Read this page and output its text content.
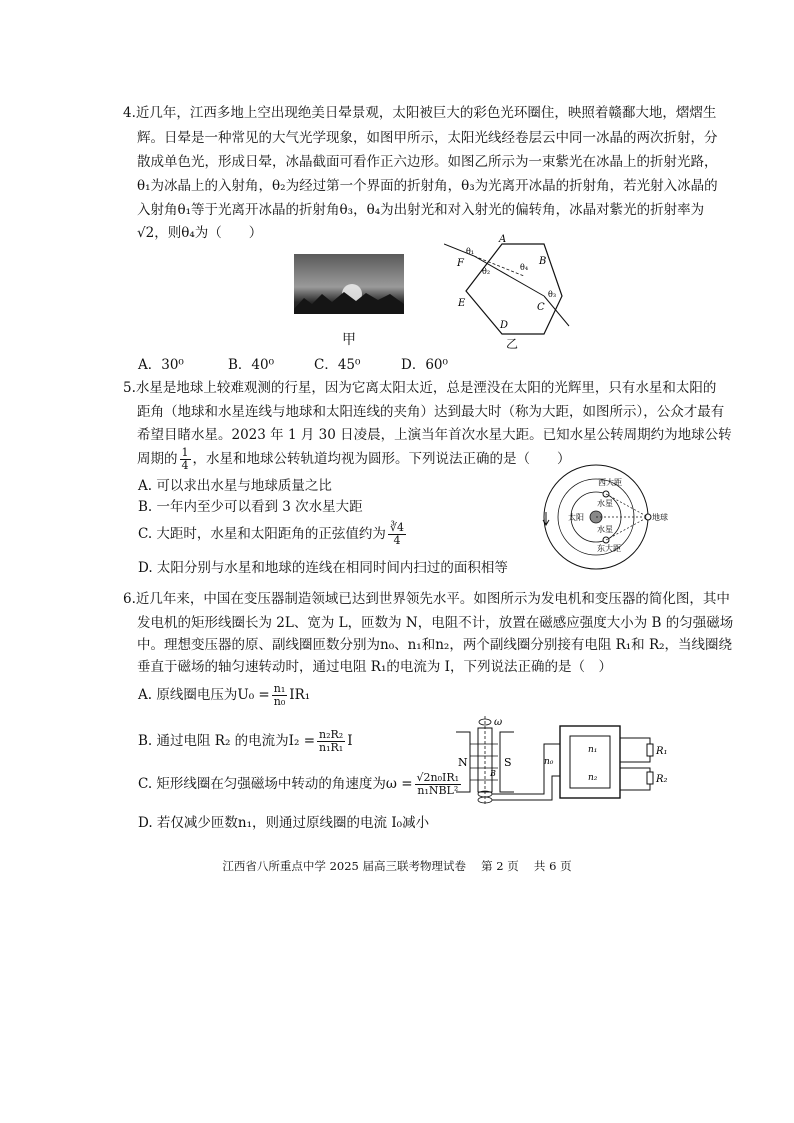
4.近几年，江西多地上空出现绝美日晕景观，太阳被巨大的彩色光环圈住，映照着赣鄱大地，熠熠生
辉。日晕是一种常见的大气光学现象，如图甲所示，太阳光线经卷层云中同一冰晶的两次折射，分
散成单色光，形成日晕，冰晶截面可看作正六边形。如图乙所示为一束紫光在冰晶上的折射光路，
θ₁为冰晶上的入射角，θ₂为经过第一个界面的折射角，θ₃为光离开冰晶的折射角，若光射入冰晶的
入射角θ₁等于光离开冰晶的折射角θ₃，θ₄为出射光和对入射光的偏转角，冰晶对紫光的折射率为
√2，则θ₄为（　　）
甲
A
B
C
D
E
F
θ₁
θ₂
θ₃
θ₄
乙
A．30⁰	B．40⁰	C．45⁰	D．60⁰
5.水星是地球上较难观测的行星，因为它离太阳太近，总是湮没在太阳的光辉里，只有水星和太阳的
距角（地球和水星连线与地球和太阳连线的夹角）达到最大时（称为大距，如图所示），公众才最有
希望目睹水星。2023 年 1 月 30 日凌晨，上演当年首次水星大距。已知水星公转周期约为地球公转
周期的 $\frac{1}{4}$ ，水星和地球公转轨道均视为圆形。下列说法正确的是（　　）
A. 可以求出水星与地球质量之比
B. 一年内至少可以看到 3 次水星大距
C. 大距时，水星和太阳距角的正弦值约为 $\frac{∛4}{4}$
D. 太阳分别与水星和地球的连线在相同时间内扫过的面积相等
西大距
水星
太阳
水星
东大距
地球
6.近几年来，中国在变压器制造领域已达到世界领先水平。如图所示为发电机和变压器的简化图，其中
发电机的矩形线圈长为 2L、宽为 L，匝数为 N，电阻不计，放置在磁感应强度大小为 B 的匀强磁场
中。理想变压器的原、副线圈匝数分别为n₀、n₁和n₂，两个副线圈分别接有电阻 R₁和 R₂，当线圈绕
垂直于磁场的轴匀速转动时，通过电阻 R₁的电流为 I，下列说法正确的是（　）
A. 原线圈电压为$U_0 = \frac{\text{n₁}}{\text{n₀}} IR_1$
B. 通过电阻 R₂ 的电流为$I_2 = \frac{\text{n₂R₂}}{\text{n₁R₁}}$ I
C. 矩形线圈在匀强磁场中转动的角速度为$\omega = \frac{\text{√2n₀IR₁}}{\text{n₁NBL²}}$
D. 若仅减少匝数n₁，则通过原线圈的电流 I₀减小
N	S
ω
B
n₀
n₁
n₂
R₁
R₂
江西省八所重点中学 2025 届高三联考物理试卷　 第 2 页　 共 6 页
